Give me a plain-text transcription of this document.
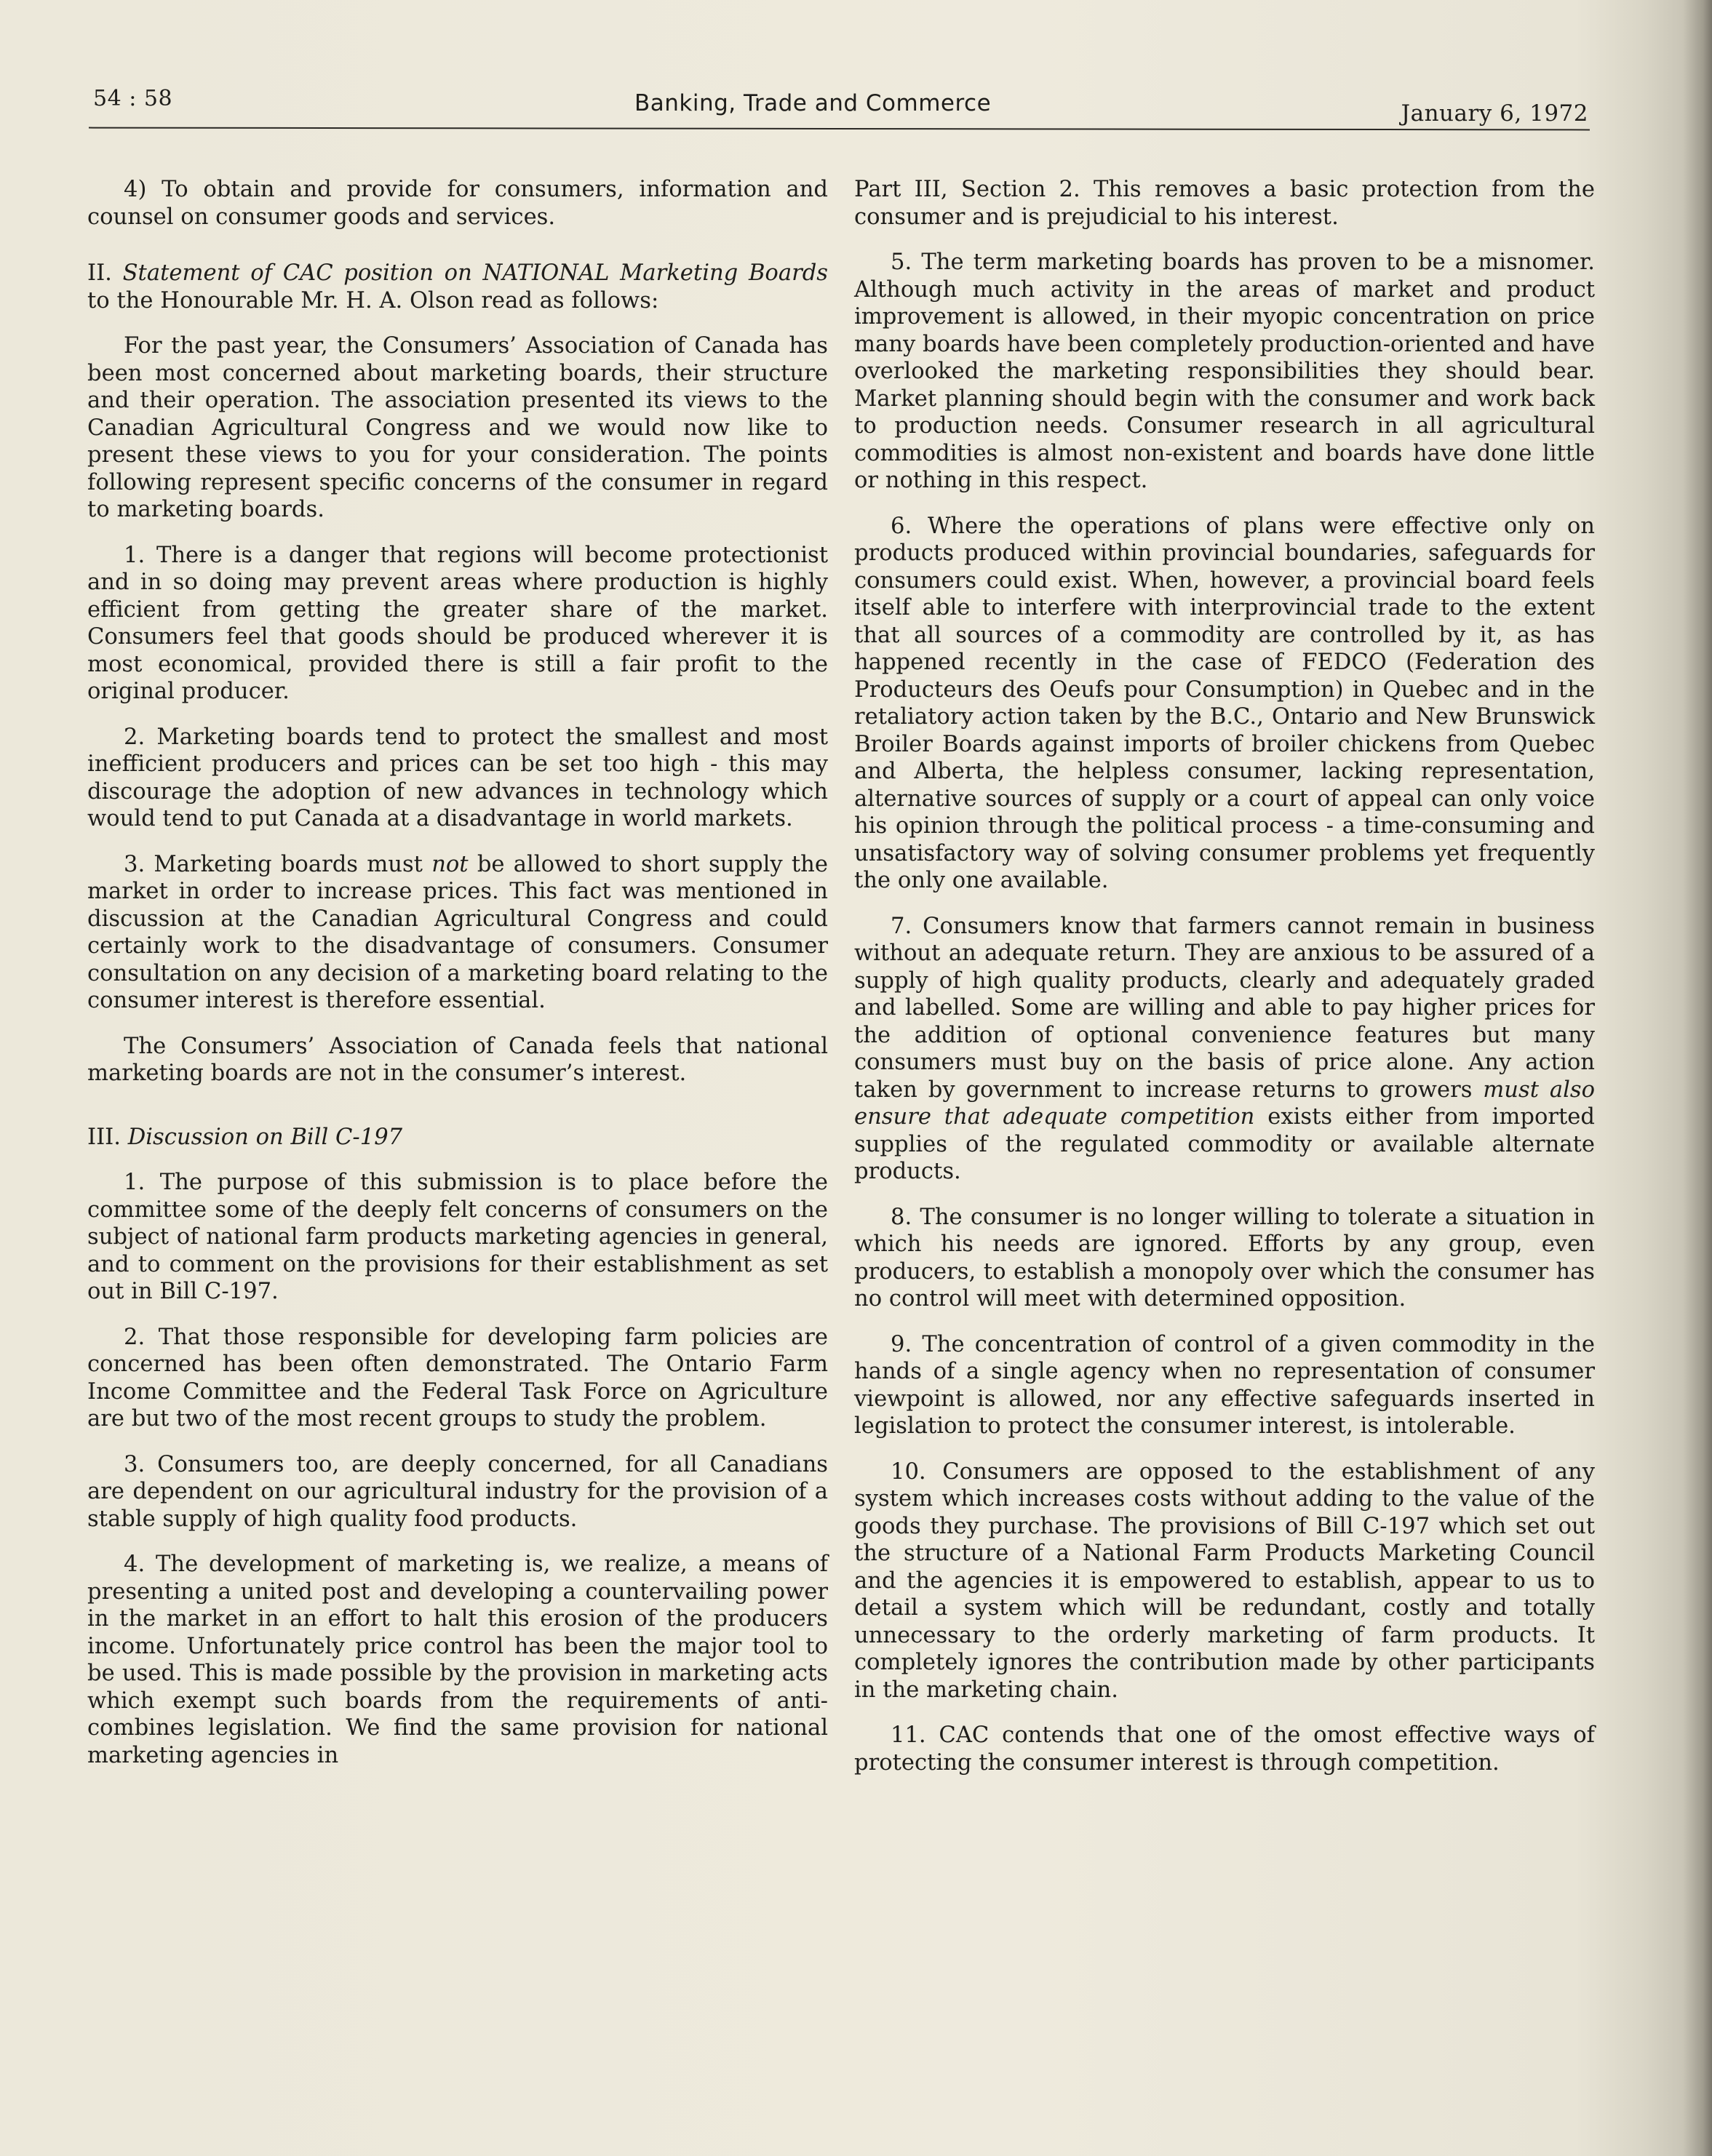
54 : 58	Banking, Trade and Commerce	January 6, 1972

4) To obtain and provide for consumers, information and counsel on consumer goods and services.

II. Statement of CAC position on NATIONAL Marketing Boards to the Honourable Mr. H. A. Olson read as follows:

For the past year, the Consumers’ Association of Canada has been most concerned about marketing boards, their structure and their operation. The association presented its views to the Canadian Agricultural Congress and we would now like to present these views to you for your consideration. The points following represent specific concerns of the consumer in regard to marketing boards.

1. There is a danger that regions will become protectionist and in so doing may prevent areas where production is highly efficient from getting the greater share of the market. Consumers feel that goods should be produced wherever it is most economical, provided there is still a fair profit to the original producer.

2. Marketing boards tend to protect the smallest and most inefficient producers and prices can be set too high - this may discourage the adoption of new advances in technology which would tend to put Canada at a disadvantage in world markets.

3. Marketing boards must not be allowed to short supply the market in order to increase prices. This fact was mentioned in discussion at the Canadian Agricultural Congress and could certainly work to the disadvantage of consumers. Consumer consultation on any decision of a marketing board relating to the consumer interest is therefore essential.

The Consumers’ Association of Canada feels that national marketing boards are not in the consumer’s interest.

III. Discussion on Bill C-197

1. The purpose of this submission is to place before the committee some of the deeply felt concerns of consumers on the subject of national farm products marketing agencies in general, and to comment on the provisions for their establishment as set out in Bill C-197.

2. That those responsible for developing farm policies are concerned has been often demonstrated. The Ontario Farm Income Committee and the Federal Task Force on Agriculture are but two of the most recent groups to study the problem.

3. Consumers too, are deeply concerned, for all Canadians are dependent on our agricultural industry for the provision of a stable supply of high quality food products.

4. The development of marketing is, we realize, a means of presenting a united post and developing a countervailing power in the market in an effort to halt this erosion of the producers income. Unfortunately price control has been the major tool to be used. This is made possible by the provision in marketing acts which exempt such boards from the requirements of anti-combines legislation. We find the same provision for national marketing agencies in

Part III, Section 2. This removes a basic protection from the consumer and is prejudicial to his interest.

5. The term marketing boards has proven to be a misnomer. Although much activity in the areas of market and product improvement is allowed, in their myopic concentration on price many boards have been completely production-oriented and have overlooked the marketing responsibilities they should bear. Market planning should begin with the consumer and work back to production needs. Consumer research in all agricultural commodities is almost non-existent and boards have done little or nothing in this respect.

6. Where the operations of plans were effective only on products produced within provincial boundaries, safeguards for consumers could exist. When, however, a provincial board feels itself able to interfere with interprovincial trade to the extent that all sources of a commodity are controlled by it, as has happened recently in the case of FEDCO (Federation des Producteurs des Oeufs pour Consumption) in Quebec and in the retaliatory action taken by the B.C., Ontario and New Brunswick Broiler Boards against imports of broiler chickens from Quebec and Alberta, the helpless consumer, lacking representation, alternative sources of supply or a court of appeal can only voice his opinion through the political process - a time-consuming and unsatisfactory way of solving consumer problems yet frequently the only one available.

7. Consumers know that farmers cannot remain in business without an adequate return. They are anxious to be assured of a supply of high quality products, clearly and adequately graded and labelled. Some are willing and able to pay higher prices for the addition of optional convenience features but many consumers must buy on the basis of price alone. Any action taken by government to increase returns to growers must also ensure that adequate competition exists either from imported supplies of the regulated commodity or available alternate products.

8. The consumer is no longer willing to tolerate a situation in which his needs are ignored. Efforts by any group, even producers, to establish a monopoly over which the consumer has no control will meet with determined opposition.

9. The concentration of control of a given commodity in the hands of a single agency when no representation of consumer viewpoint is allowed, nor any effective safeguards inserted in legislation to protect the consumer interest, is intolerable.

10. Consumers are opposed to the establishment of any system which increases costs without adding to the value of the goods they purchase. The provisions of Bill C-197 which set out the structure of a National Farm Products Marketing Council and the agencies it is empowered to establish, appear to us to detail a system which will be redundant, costly and totally unnecessary to the orderly marketing of farm products. It completely ignores the contribution made by other participants in the marketing chain.

11. CAC contends that one of the omost effective ways of protecting the consumer interest is through competition.
